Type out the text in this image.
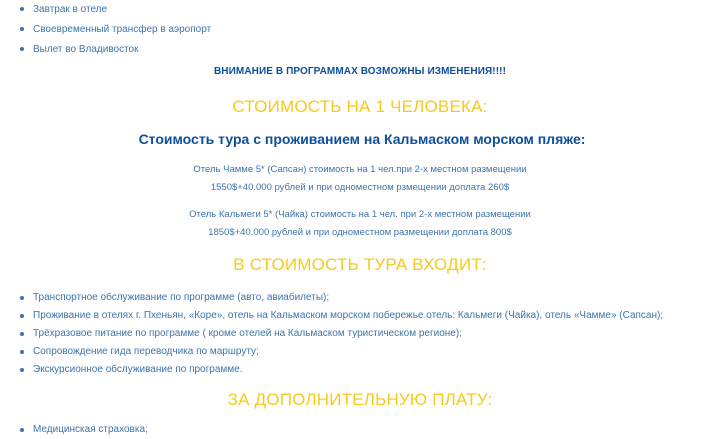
Завтрак в отеле
Своевременный трансфер в аэропорт
Вылет во Владивосток
ВНИМАНИЕ В ПРОГРАММАХ ВОЗМОЖНЫ ИЗМЕНЕНИЯ!!!!
СТОИМОСТЬ НА 1 ЧЕЛОВЕКА:
Стоимость тура с проживанием на Кальмаском морском пляже:
Отель Чамме 5* (Сапсан) стоимость на 1 чел.при 2-х местном размещении
1550$+40.000 рублей и при одноместном рзмещении доплата 260$
Отель Кальмеги 5* (Чайка) стоимость на 1 чел. при 2-х местном размещении
1850$+40.000 рублей и при одноместном размещении доплата 800$
В СТОИМОСТЬ ТУРА ВХОДИТ:
Транспортное обслуживание по программе (авто, авиабилеты);
Проживание в отелях г. Пхеньян, «Коре», отель на Кальмаском морском побережье отель: Кальмеги (Чайка), отель «Чамме» (Сапсан);
Трёхразовое питание по программе ( кроме отелей на Кальмаском туристическом регионе);
Сопровождение гида переводчика по маршруту;
Экскурсионное обслуживание по программе.
ЗА ДОПОЛНИТЕЛЬНУЮ ПЛАТУ:
Медицинская страховка;
